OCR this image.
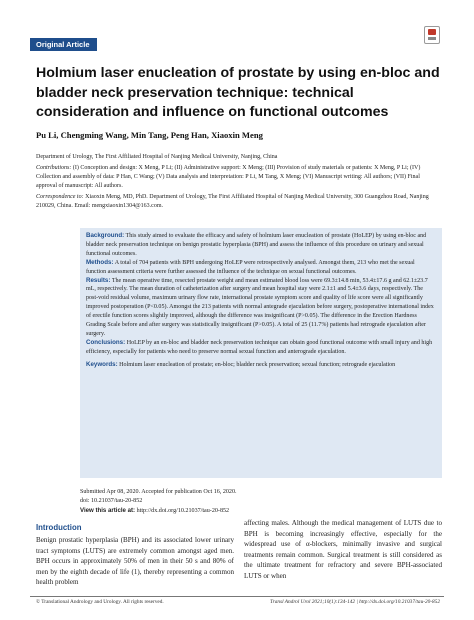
Original Article
Holmium laser enucleation of prostate by using en-bloc and bladder neck preservation technique: technical consideration and influence on functional outcomes
Pu Li, Chengming Wang, Min Tang, Peng Han, Xiaoxin Meng
Department of Urology, The First Affiliated Hospital of Nanjing Medical University, Nanjing, China
Contributions: (I) Conception and design: X Meng, P Li; (II) Administrative support: X Meng; (III) Provision of study materials or patients: X Meng, P Li; (IV) Collection and assembly of data: P Han, C Wang; (V) Data analysis and interpretation: P Li, M Tang, X Meng; (VI) Manuscript writing: All authors; (VII) Final approval of manuscript: All authors.
Correspondence to: Xiaoxin Meng, MD, PhD. Department of Urology, The First Affiliated Hospital of Nanjing Medical University, 300 Guangzhou Road, Nanjing 210029, China. Email: mengxiaoxin1304@163.com.

Background: This study aimed to evaluate the efficacy and safety of holmium laser enucleation of prostate (HoLEP) by using en-bloc and bladder neck preservation technique on benign prostatic hyperplasia (BPH) and assess the influence of this procedure on urinary and sexual functional outcomes.

Methods: A total of 704 patients with BPH undergoing HoLEP were retrospectively analysed. Amongst them, 213 who met the sexual function assessment criteria were further assessed the influence of the technique on sexual functional outcomes.

Results: The mean operative time, resected prostate weight and mean estimated blood loss were 69.3±14.8 min, 53.4±17.6 g and 62.1±23.7 mL, respectively. The mean duration of catheterization after surgery and mean hospital stay were 2.1±1 and 5.4±3.6 days, respectively. The post-void residual volume, maximum urinary flow rate, international prostate symptom score and quality of life score were all significantly improved postoperation (P<0.05). Amongst the 213 patients with normal antegrade ejaculation before surgery, postoperative international index of erectile function scores slightly improved, although the difference was insignificant (P>0.05). The difference in the Erection Hardness Grading Scale before and after surgery was statistically insignificant (P>0.05). A total of 25 (11.7%) patients had retrograde ejaculation after surgery.

Conclusions: HoLEP by an en-bloc and bladder neck preservation technique can obtain good functional outcome with small injury and high efficiency, especially for patients who need to preserve normal sexual function and anterograde ejaculation.

Keywords: Holmium laser enucleation of prostate; en-bloc; bladder neck preservation; sexual function; retrograde ejaculation

Submitted Apr 08, 2020. Accepted for publication Oct 16, 2020.
doi: 10.21037/tau-20-852
View this article at: http://dx.doi.org/10.21037/tau-20-852
Introduction

Benign prostatic hyperplasia (BPH) and its associated lower urinary tract symptoms (LUTS) are extremely common amongst aged men. BPH occurs in approximately 50% of men in their 50 s and 80% of men by the eighth decade of life (1), thereby representing a common health problem

affecting males. Although the medical management of LUTS due to BPH is becoming increasingly effective, especially for the widespread use of α-blockers, minimally invasive and surgical treatments remain common. Surgical treatment is still considered as the ultimate treatment for refractory and severe BPH-associated LUTS or when

© Translational Andrology and Urology. All rights reserved.	Transl Androl Urol 2021;10(1):134-142 | http://dx.doi.org/10.21037/tau-20-852
